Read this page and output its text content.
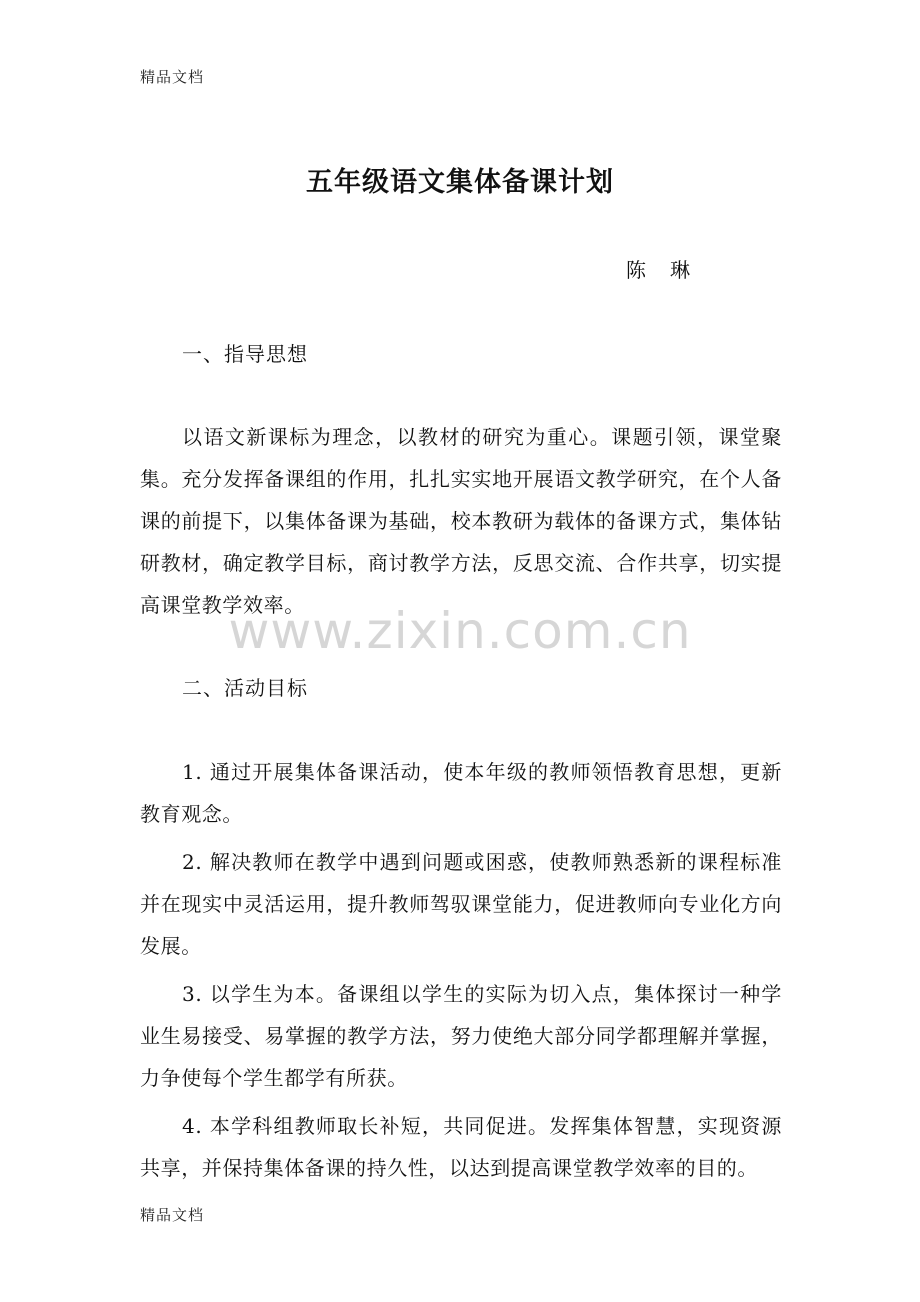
精品文档
五年级语文集体备课计划
陈　琳
一、指导思想

以语文新课标为理念，以教材的研究为重心。课题引领，课堂聚集。充分发挥备课组的作用，扎扎实实地开展语文教学研究，在个人备课的前提下，以集体备课为基础，校本教研为载体的备课方式，集体钻研教材，确定教学目标，商讨教学方法，反思交流、合作共享，切实提高课堂教学效率。

www.zixin.com.cn
二、活动目标

1. 通过开展集体备课活动，使本年级的教师领悟教育思想，更新教育观念。

2. 解决教师在教学中遇到问题或困惑，使教师熟悉新的课程标准并在现实中灵活运用，提升教师驾驭课堂能力，促进教师向专业化方向发展。

3. 以学生为本。备课组以学生的实际为切入点，集体探讨一种学业生易接受、易掌握的教学方法，努力使绝大部分同学都理解并掌握，力争使每个学生都学有所获。

4. 本学科组教师取长补短，共同促进。发挥集体智慧，实现资源共享，并保持集体备课的持久性，以达到提高课堂教学效率的目的。

精品文档
